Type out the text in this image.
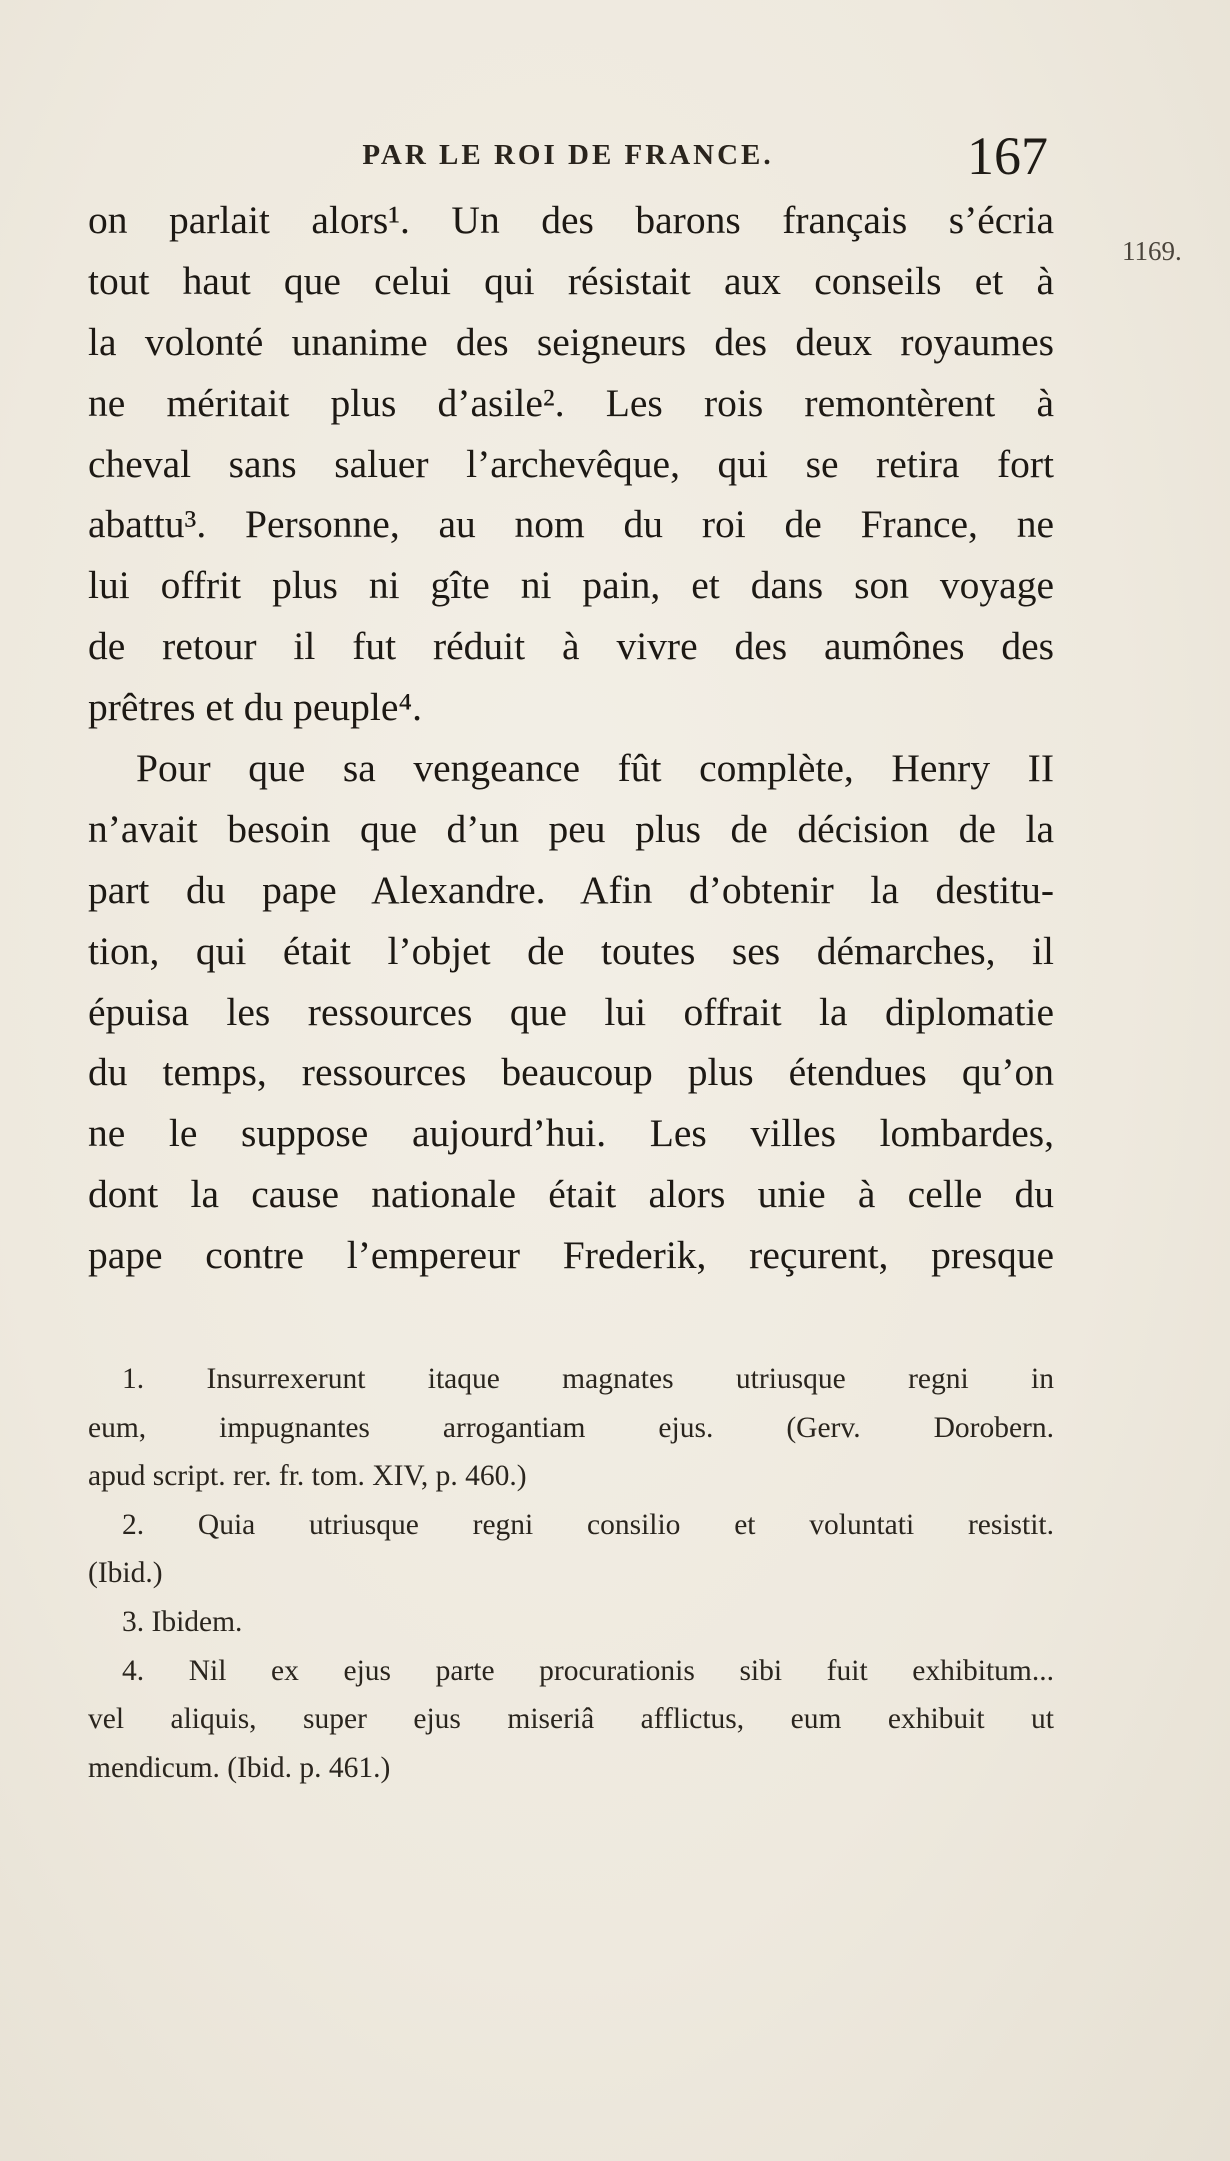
PAR LE ROI DE FRANCE.	167
1169.
on parlait alors¹. Un des barons français s’écria
tout haut que celui qui résistait aux conseils et à
la volonté unanime des seigneurs des deux royaumes
ne méritait plus d’asile². Les rois remontèrent à
cheval sans saluer l’archevêque, qui se retira fort
abattu³. Personne, au nom du roi de France, ne
lui offrit plus ni gîte ni pain, et dans son voyage
de retour il fut réduit à vivre des aumônes des
prêtres et du peuple⁴.
Pour que sa vengeance fût complète, Henry II
n’avait besoin que d’un peu plus de décision de la
part du pape Alexandre. Afin d’obtenir la destitu-
tion, qui était l’objet de toutes ses démarches, il
épuisa les ressources que lui offrait la diplomatie
du temps, ressources beaucoup plus étendues qu’on
ne le suppose aujourd’hui. Les villes lombardes,
dont la cause nationale était alors unie à celle du
pape contre l’empereur Frederik, reçurent, presque
1. Insurrexerunt itaque magnates utriusque regni in
eum, impugnantes arrogantiam ejus. (Gerv. Dorobern.
apud script. rer. fr. tom. XIV, p. 460.)
2. Quia utriusque regni consilio et voluntati resistit.
(Ibid.)
3. Ibidem.
4. Nil ex ejus parte procurationis sibi fuit exhibitum...
vel aliquis, super ejus miseriâ afflictus, eum exhibuit ut
mendicum. (Ibid. p. 461.)
